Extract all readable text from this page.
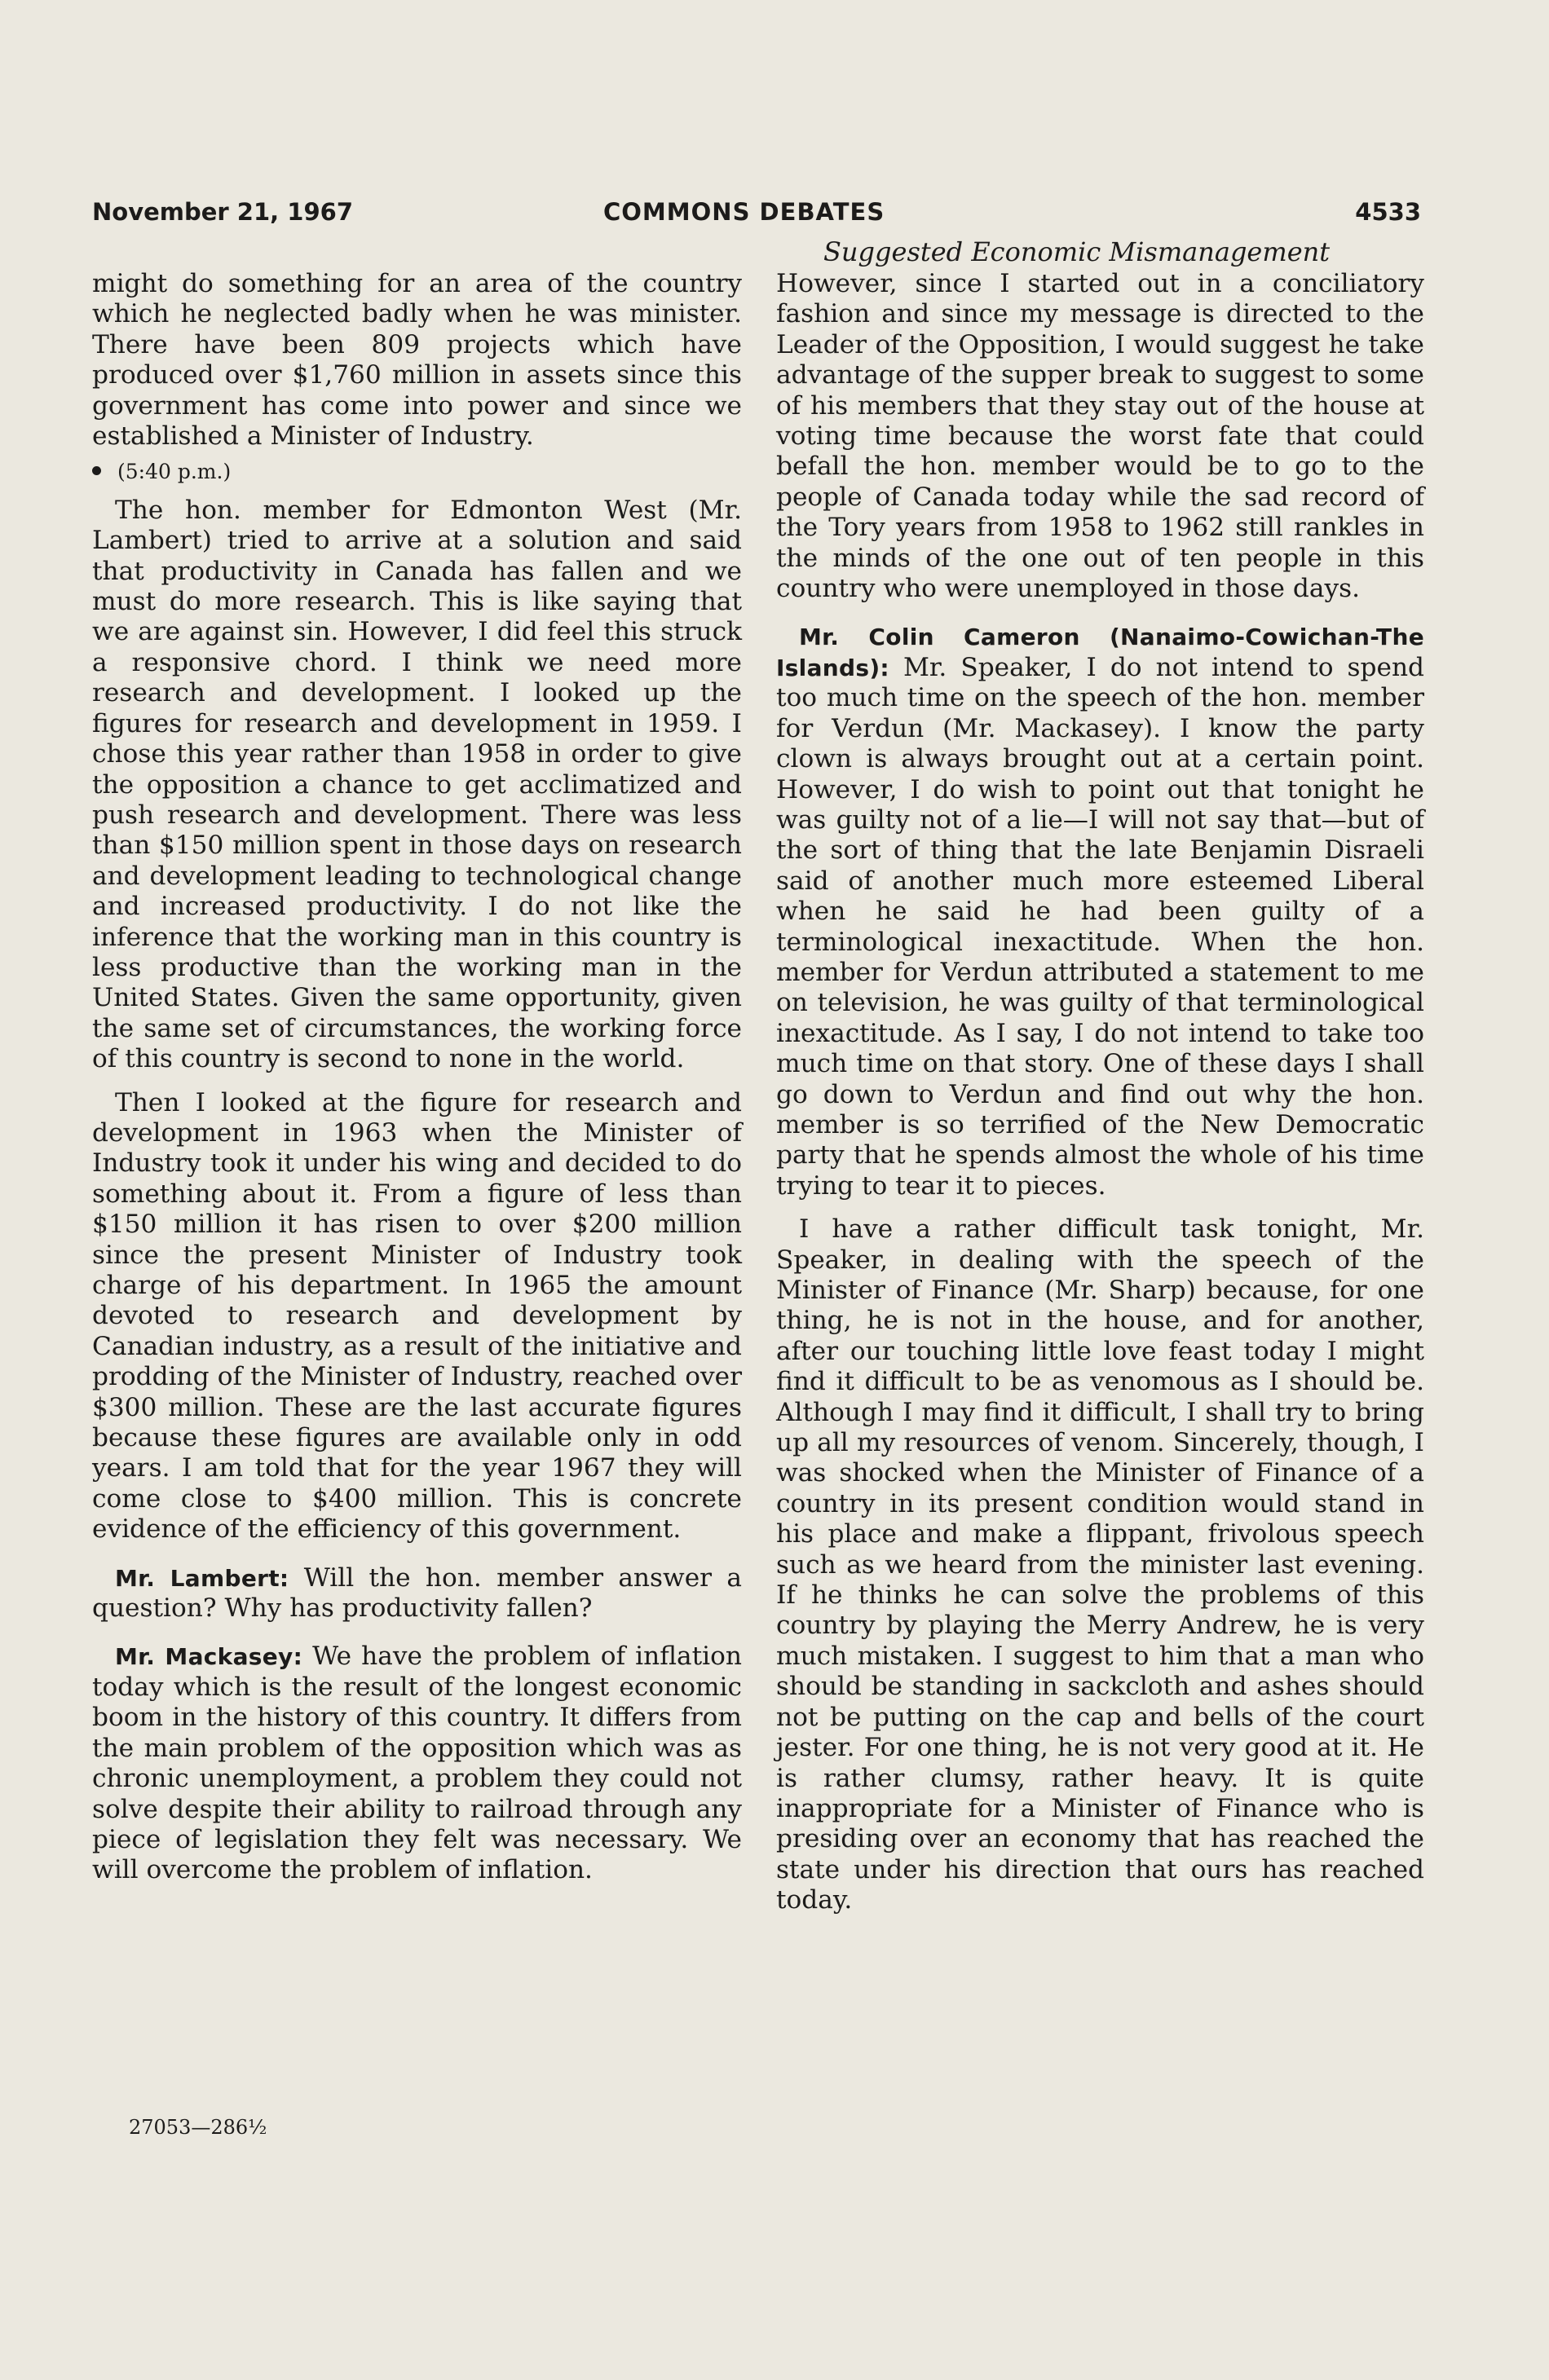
November 21, 1967	COMMONS DEBATES	4533
Suggested Economic Mismanagement

might do something for an area of the country which he neglected badly when he was minister. There have been 809 projects which have produced over $1,760 million in assets since this government has come into power and since we established a Minister of Industry.

(5:40 p.m.)

The hon. member for Edmonton West (Mr. Lambert) tried to arrive at a solution and said that productivity in Canada has fallen and we must do more research. This is like saying that we are against sin. However, I did feel this struck a responsive chord. I think we need more research and development. I looked up the figures for research and development in 1959. I chose this year rather than 1958 in order to give the opposition a chance to get acclimatized and push research and development. There was less than $150 million spent in those days on research and development leading to technological change and increased productivity. I do not like the inference that the working man in this country is less productive than the working man in the United States. Given the same opportunity, given the same set of circumstances, the working force of this country is second to none in the world.

Then I looked at the figure for research and development in 1963 when the Minister of Industry took it under his wing and decided to do something about it. From a figure of less than $150 million it has risen to over $200 million since the present Minister of Industry took charge of his department. In 1965 the amount devoted to research and development by Canadian industry, as a result of the initiative and prodding of the Minister of Industry, reached over $300 million. These are the last accurate figures because these figures are available only in odd years. I am told that for the year 1967 they will come close to $400 million. This is concrete evidence of the efficiency of this government.

Mr. Lambert: Will the hon. member answer a question? Why has productivity fallen?

Mr. Mackasey: We have the problem of inflation today which is the result of the longest economic boom in the history of this country. It differs from the main problem of the opposition which was as chronic unemployment, a problem they could not solve despite their ability to railroad through any piece of legislation they felt was necessary. We will overcome the problem of inflation.

However, since I started out in a conciliatory fashion and since my message is directed to the Leader of the Opposition, I would suggest he take advantage of the supper break to suggest to some of his members that they stay out of the house at voting time because the worst fate that could befall the hon. member would be to go to the people of Canada today while the sad record of the Tory years from 1958 to 1962 still rankles in the minds of the one out of ten people in this country who were unemployed in those days.

Mr. Colin Cameron (Nanaimo-Cowichan-The Islands): Mr. Speaker, I do not intend to spend too much time on the speech of the hon. member for Verdun (Mr. Mackasey). I know the party clown is always brought out at a certain point. However, I do wish to point out that tonight he was guilty not of a lie—I will not say that—but of the sort of thing that the late Benjamin Disraeli said of another much more esteemed Liberal when he said he had been guilty of a terminological inexactitude. When the hon. member for Verdun attributed a statement to me on television, he was guilty of that terminological inexactitude. As I say, I do not intend to take too much time on that story. One of these days I shall go down to Verdun and find out why the hon. member is so terrified of the New Democratic party that he spends almost the whole of his time trying to tear it to pieces.

I have a rather difficult task tonight, Mr. Speaker, in dealing with the speech of the Minister of Finance (Mr. Sharp) because, for one thing, he is not in the house, and for another, after our touching little love feast today I might find it difficult to be as venomous as I should be. Although I may find it difficult, I shall try to bring up all my resources of venom. Sincerely, though, I was shocked when the Minister of Finance of a country in its present condition would stand in his place and make a flippant, frivolous speech such as we heard from the minister last evening. If he thinks he can solve the problems of this country by playing the Merry Andrew, he is very much mistaken. I suggest to him that a man who should be standing in sackcloth and ashes should not be putting on the cap and bells of the court jester. For one thing, he is not very good at it. He is rather clumsy, rather heavy. It is quite inappropriate for a Minister of Finance who is presiding over an economy that has reached the state under his direction that ours has reached today.

27053—286½
